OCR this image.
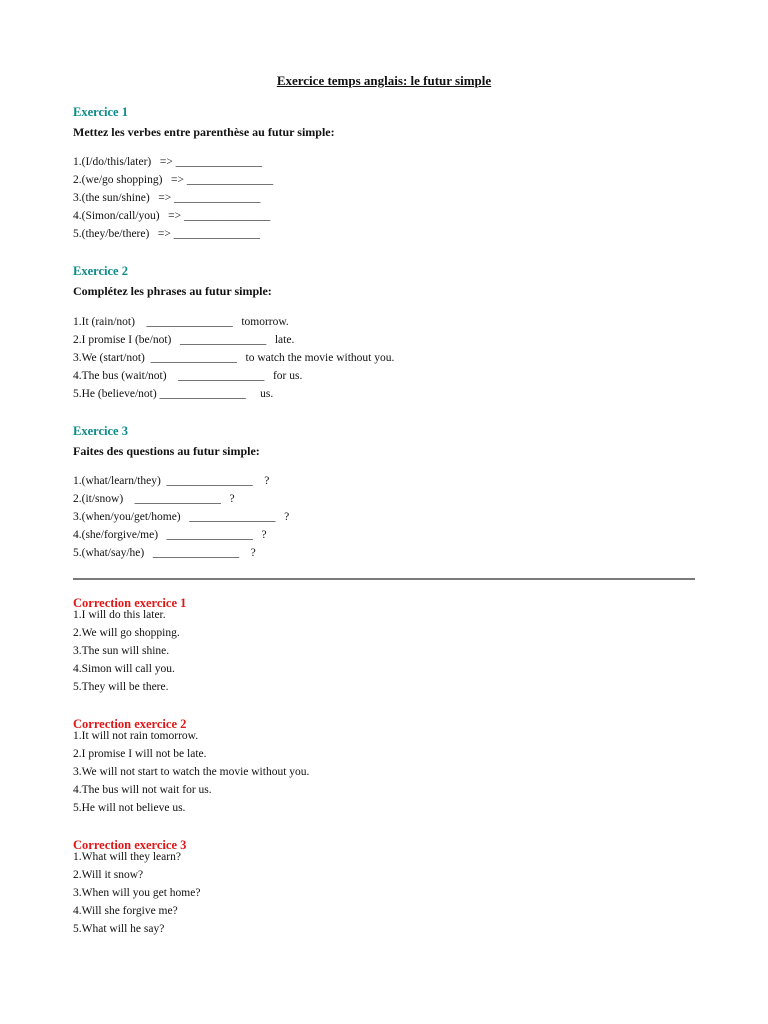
Exercice temps anglais: le futur simple
Exercice 1
Mettez les verbes entre parenthèse au futur simple:
1.(I/do/this/later)   => _______________
2.(we/go shopping)   => _______________
3.(the sun/shine)   => _______________
4.(Simon/call/you)   => _______________
5.(they/be/there)   => _______________
Exercice 2
Complétez les phrases au futur simple:
1.It (rain/not)    _______________   tomorrow.
2.I promise I (be/not)   _______________   late.
3.We (start/not)  _______________   to watch the movie without you.
4.The bus (wait/not)    _______________   for us.
5.He (believe/not) _______________     us.
Exercice 3
Faites des questions au futur simple:
1.(what/learn/they)  _______________    ?
2.(it/snow)    _______________   ?
3.(when/you/get/home)   _______________   ?
4.(she/forgive/me)   _______________   ?
5.(what/say/he)   _______________    ?
Correction exercice 1
1.I will do this later.
2.We will go shopping.
3.The sun will shine.
4.Simon will call you.
5.They will be there.
Correction exercice 2
1.It will not rain tomorrow.
2.I promise I will not be late.
3.We will not start to watch the movie without you.
4.The bus will not wait for us.
5.He will not believe us.
Correction exercice 3
1.What will they learn?
2.Will it snow?
3.When will you get home?
4.Will she forgive me?
5.What will he say?
